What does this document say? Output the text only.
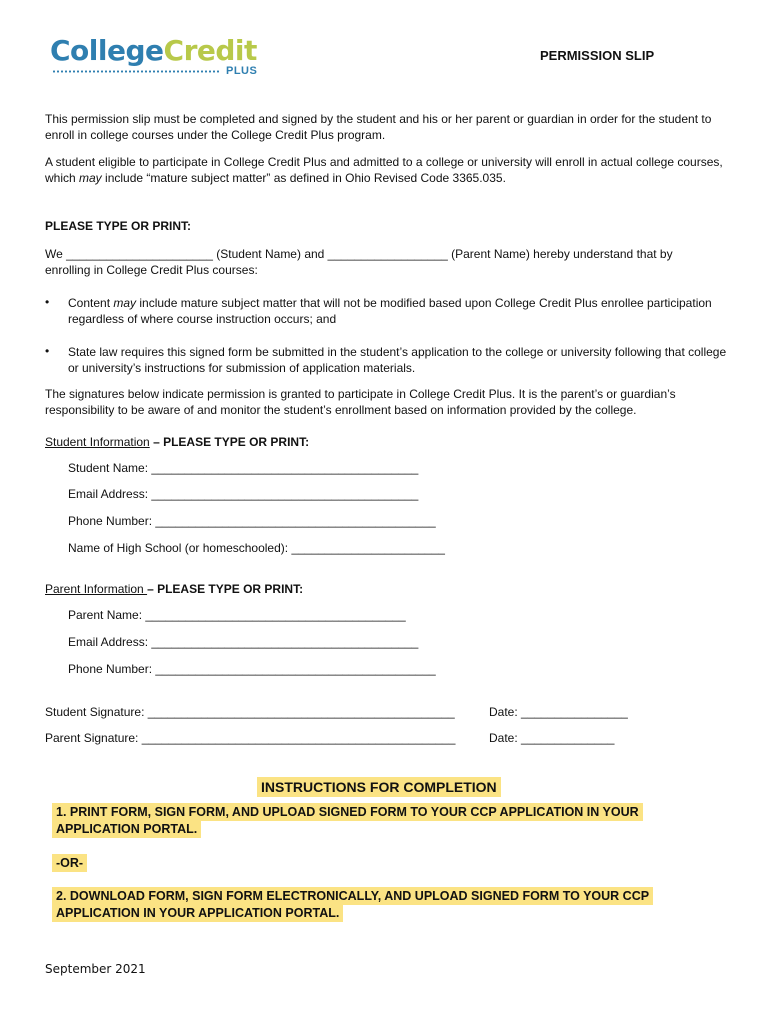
CollegeCredit
PLUS
PERMISSION SLIP
This permission slip must be completed and signed by the student and his or her parent or guardian in order for the student to enroll in college courses under the College Credit Plus program.
A student eligible to participate in College Credit Plus and admitted to a college or university will enroll in actual college courses, which may include “mature subject matter” as defined in Ohio Revised Code 3365.035.
PLEASE TYPE OR PRINT:
We ______________________ (Student Name) and __________________ (Parent Name) hereby understand that by
enrolling in College Credit Plus courses:
• Content may include mature subject matter that will not be modified based upon College Credit Plus enrollee participation regardless of where course instruction occurs; and
• State law requires this signed form be submitted in the student’s application to the college or university following that college or university’s instructions for submission of application materials.
The signatures below indicate permission is granted to participate in College Credit Plus. It is the parent’s or guardian’s responsibility to be aware of and monitor the student’s enrollment based on information provided by the college.
Student Information – PLEASE TYPE OR PRINT:
Student Name: ________________________________________
Email Address: ________________________________________
Phone Number: __________________________________________
Name of High School (or homeschooled): _______________________
Parent Information – PLEASE TYPE OR PRINT:
Parent Name: _______________________________________
Email Address: ________________________________________
Phone Number: __________________________________________
Student Signature: ______________________________________________	Date: ________________
Parent Signature: _______________________________________________	Date: ______________
INSTRUCTIONS FOR COMPLETION
1. PRINT FORM, SIGN FORM, AND UPLOAD SIGNED FORM TO YOUR CCP APPLICATION IN YOUR
APPLICATION PORTAL.
-OR-
2. DOWNLOAD FORM, SIGN FORM ELECTRONICALLY, AND UPLOAD SIGNED FORM TO YOUR CCP
APPLICATION IN YOUR APPLICATION PORTAL.
September 2021
